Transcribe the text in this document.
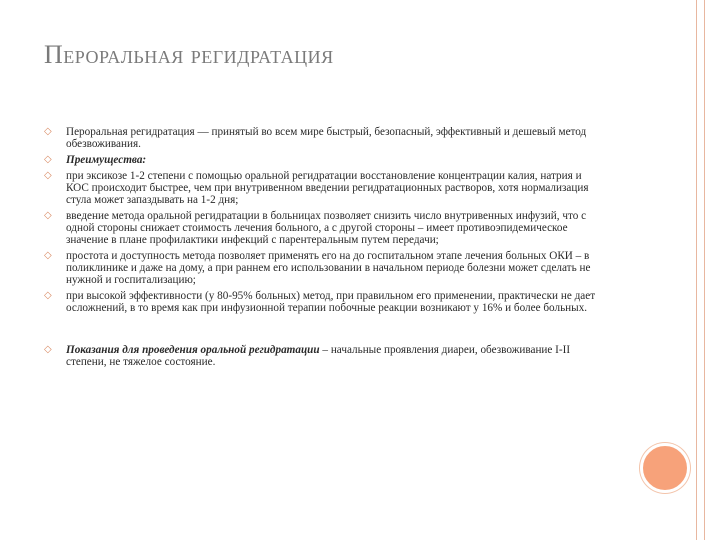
Пероральная регидратация
◇ Пероральная регидратация — принятый во всем мире быстрый, безопасный, эффективный и дешевый метод обезвоживания.
◇ Преимущества:
◇ при эксикозе 1-2 степени с помощью оральной регидратации восстановление концентрации калия, натрия и КОС происходит быстрее, чем при внутривенном введении регидратационных растворов, хотя нормализация стула может запаздывать на 1-2 дня;
◇ введение метода оральной регидратации в больницах позволяет снизить число внутривенных инфузий, что с одной стороны снижает стоимость лечения больного, а с другой стороны – имеет противоэпидемическое значение в плане профилактики инфекций с парентеральным путем передачи;
◇ простота и доступность метода позволяет применять его на до госпитальном этапе лечения больных ОКИ – в поликлинике и даже на дому, а при раннем его использовании в начальном периоде болезни может сделать не нужной и госпитализацию;
◇ при высокой эффективности (у 80-95% больных) метод, при правильном его применении, практически не дает осложнений, в то время как при инфузионной терапии побочные реакции возникают у 16% и более больных.
◇ Показания для проведения оральной регидратации – начальные проявления диареи, обезвоживание I-II степени, не тяжелое состояние.
